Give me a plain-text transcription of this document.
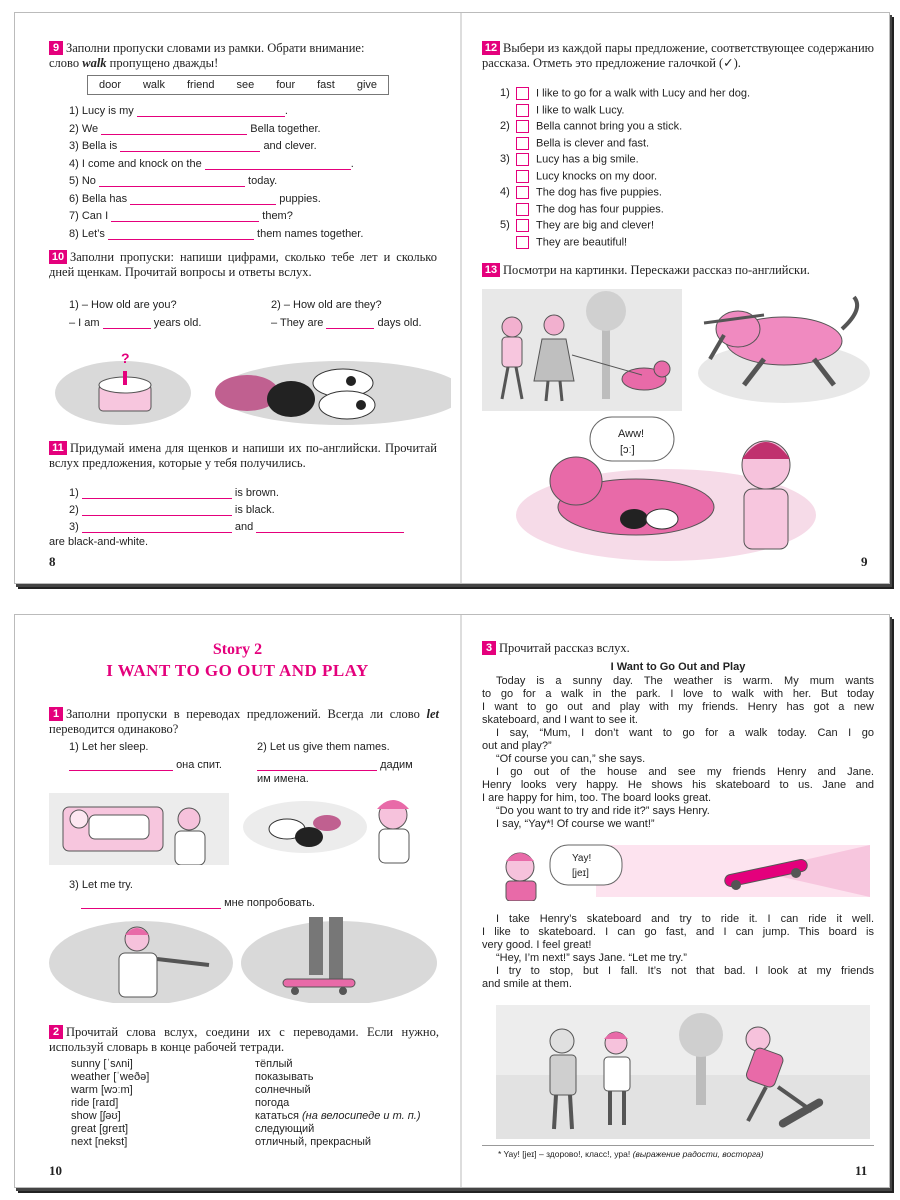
9 Заполни пропуски словами из рамки. Обрати внимание:
слово walk пропущено дважды!
door walk friend see four fast give
1) Lucy is my	.
2) We	Bella together.
3) Bella is	and clever.
4) I come and knock on the	.
5) No	today.
6) Bella has	puppies.
7) Can I	them?
8) Let’s	them names together.
10 Заполни пропуски: напиши цифрами, сколько тебе лет и сколько дней щенкам. Прочитай вопросы и ответы вслух.
1) – How old are you?	2) – How old are they?
– I am	years old.	– They are	days old.
?
11 Придумай имена для щенков и напиши их по-английски. Прочитай вслух предложения, которые у тебя получились.
1)	is brown.
2)	is black.
3)	and
are black-and-white.
8
12 Выбери из каждой пары предложение, соответствующее содержанию рассказа. Отметь это предложение галочкой (✓).
1) I like to go for a walk with Lucy and her dog.
I like to walk Lucy.
2) Bella cannot bring you a stick.
Bella is clever and fast.
3) Lucy has a big smile.
Lucy knocks on my door.
4) The dog has five puppies.
The dog has four puppies.
5) They are big and clever!
They are beautiful!
13 Посмотри на картинки. Перескажи рассказ по-английски.
Aww!
[ɔː]
9
Story 2
I WANT TO GO OUT AND PLAY
1 Заполни пропуски в переводах предложений. Всегда ли слово let переводится одинаково?
1) Let her sleep.	2) Let us give them names.
она спит.	дадим
им имена.
3) Let me try.
мне попробовать.
2 Прочитай слова вслух, соедини их с переводами. Если нужно, используй словарь в конце рабочей тетради.
sunny [ˈsʌni]	тёплый
weather [ˈweðə]	показывать
warm [wɔːm]	солнечный
ride [raɪd]	погода
show [ʃəʊ]	кататься (на велосипеде и т. п.)
great [greɪt]	следующий
next [nekst]	отличный, прекрасный
10
3 Прочитай рассказ вслух.
I Want to Go Out and Play
Today is a sunny day. The weather is warm. My mum wants
to go for a walk in the park. I love to walk with her. But today
I want to go out and play with my friends. Henry has got a new
skateboard, and I want to see it.
I say, “Mum, I don’t want to go for a walk today. Can I go
out and play?”
“Of course you can,” she says.
I go out of the house and see my friends Henry and Jane.
Henry looks very happy. He shows his skateboard to us. Jane and
I are happy for him, too. The board looks great.
“Do you want to try and ride it?” says Henry.
I say, “Yay*! Of course we want!”
Yay!
[jeɪ]
I take Henry’s skateboard and try to ride it. I can ride it well.
I like to skateboard. I can go fast, and I can jump. This board is
very good. I feel great!
“Hey, I’m next!” says Jane. “Let me try.”
I try to stop, but I fall. It’s not that bad. I look at my friends
and smile at them.
* Yay! [jeɪ] – здорово!, класс!, ура! (выражение радости, восторга)
11
